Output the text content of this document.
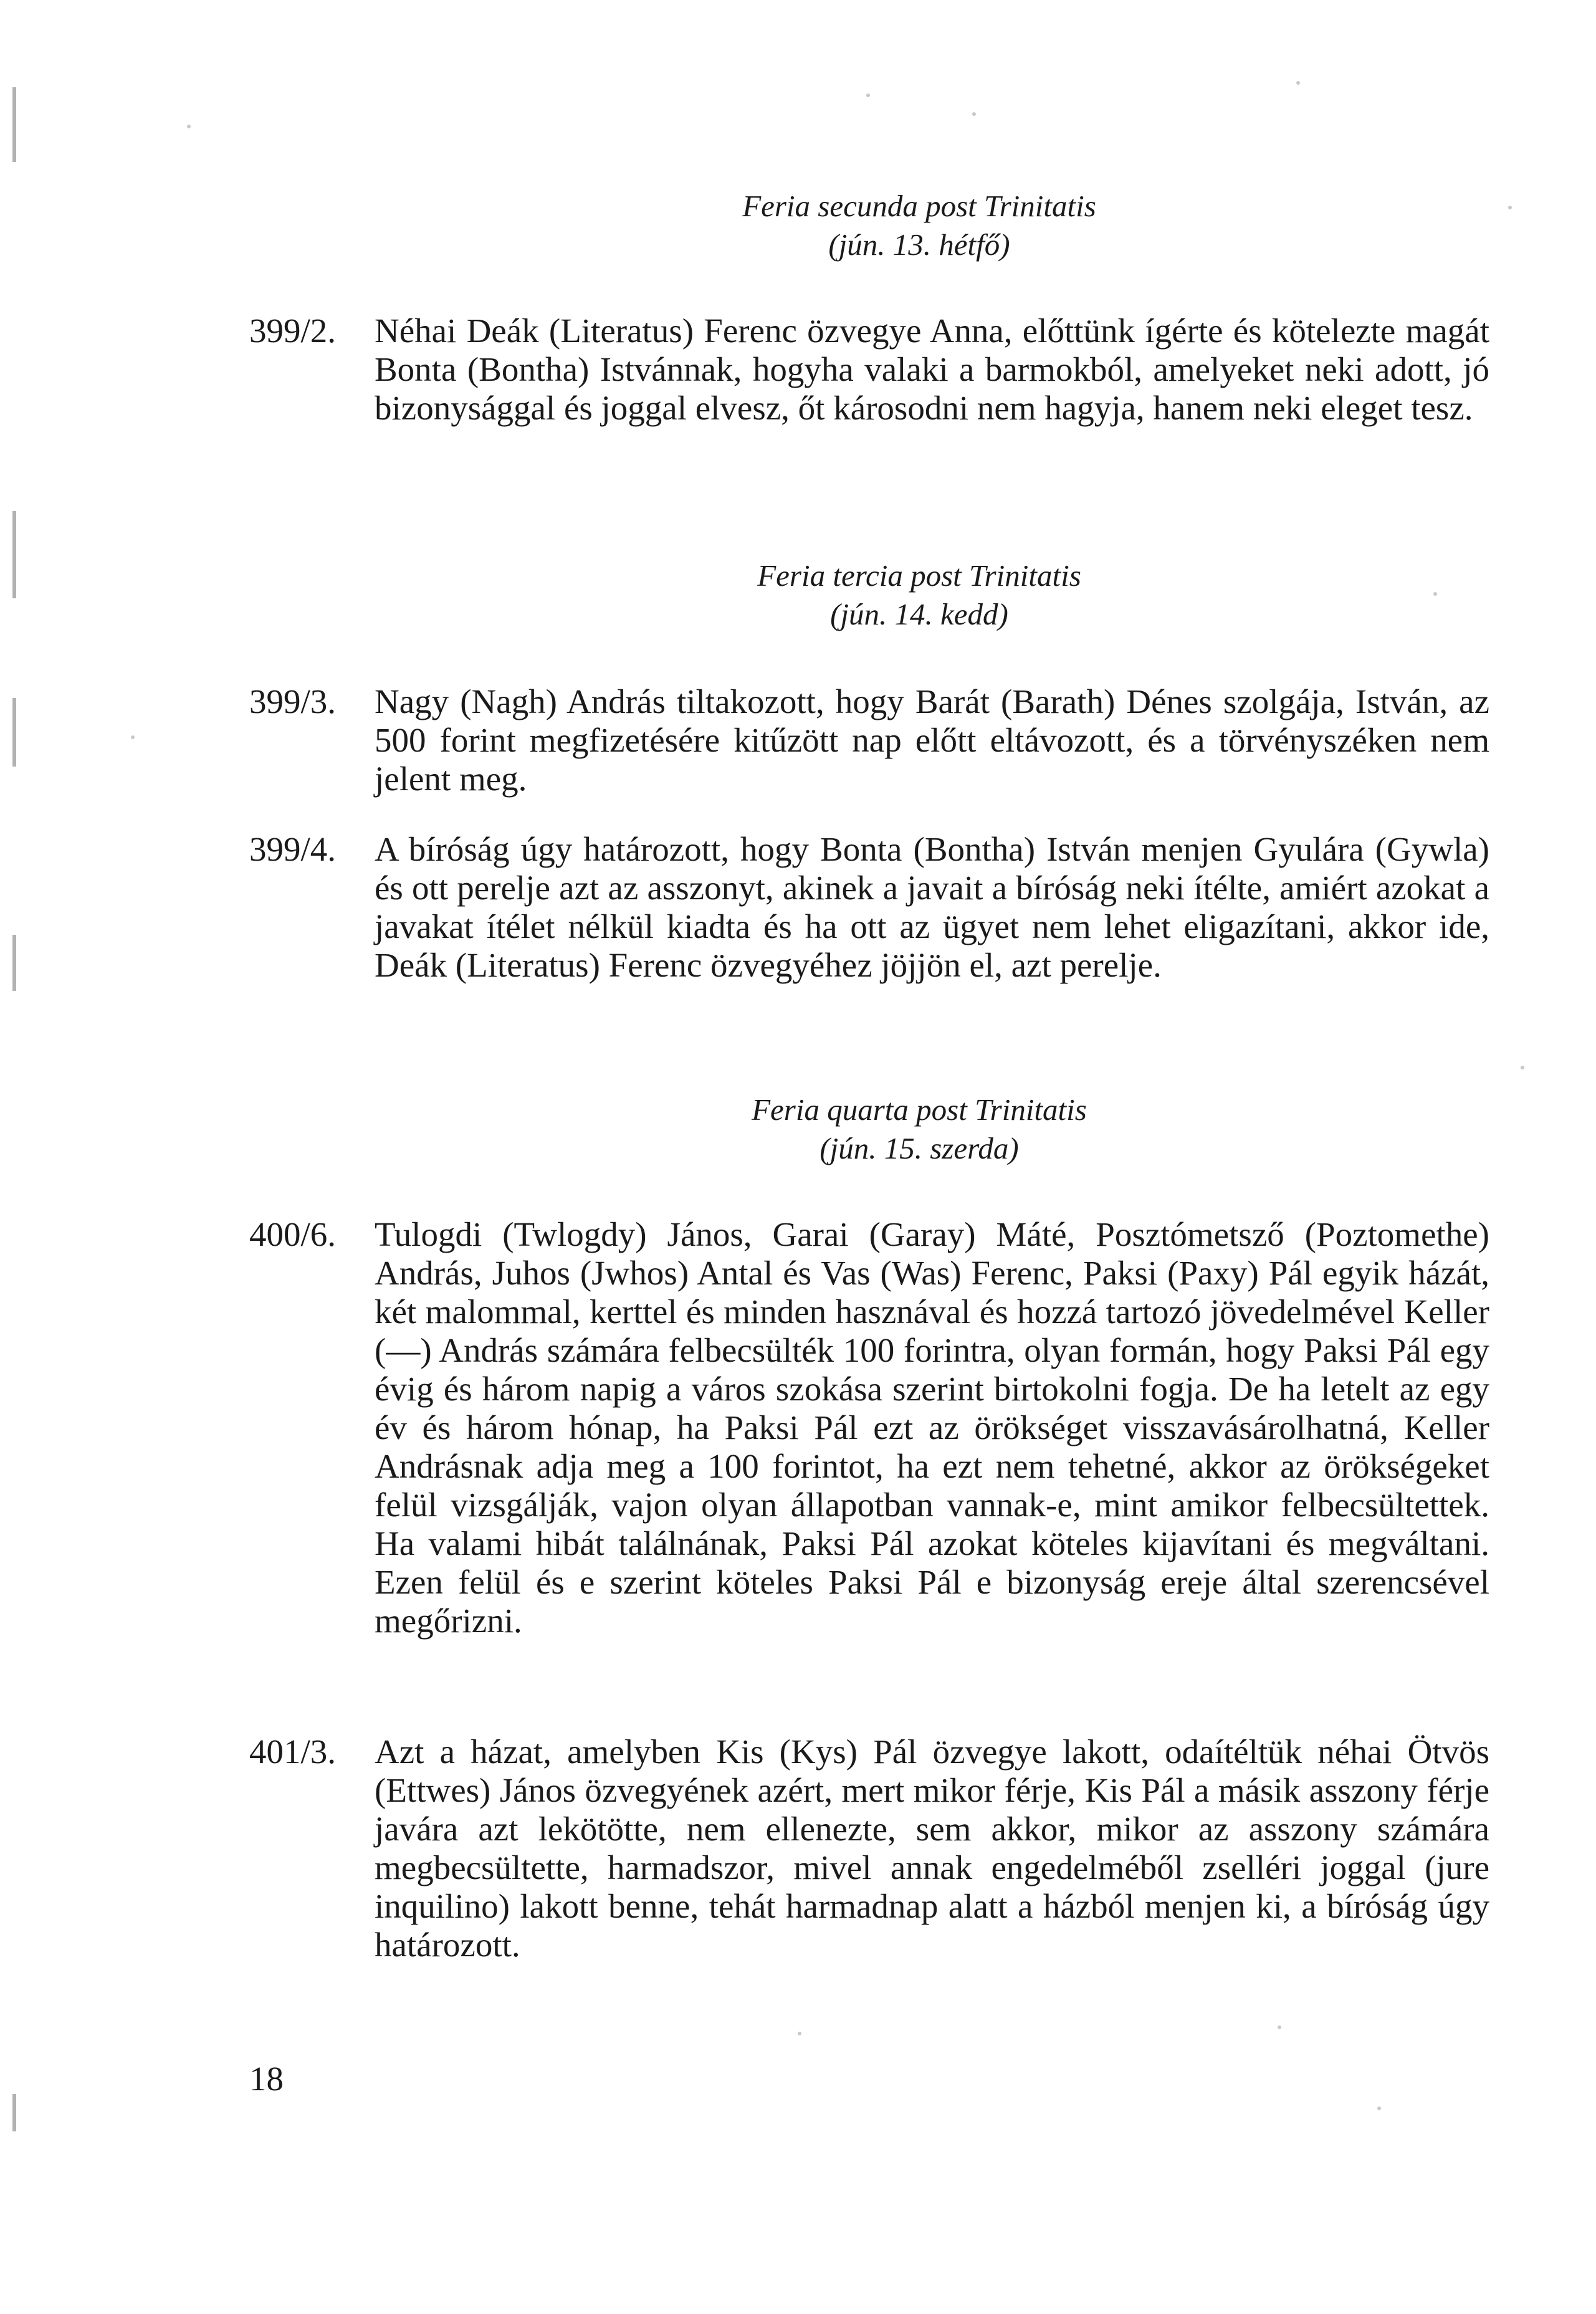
Feria secunda post Trinitatis
(jún. 13. hétfő)
399/2.	Néhai Deák (Literatus) Ferenc özvegye Anna, előttünk ígérte és kötelezte magát Bonta (Bontha) Istvánnak, hogyha valaki a barmokból, amelyeket neki adott, jó bizonysággal és joggal elvesz, őt károsodni nem hagyja, hanem neki eleget tesz.
Feria tercia post Trinitatis
(jún. 14. kedd)
399/3.	Nagy (Nagh) András tiltakozott, hogy Barát (Barath) Dénes szolgája, István, az 500 forint megfizetésére kitűzött nap előtt eltávozott, és a törvényszéken nem jelent meg.
399/4.	A bíróság úgy határozott, hogy Bonta (Bontha) István menjen Gyulára (Gywla) és ott perelje azt az asszonyt, akinek a javait a bíróság neki ítélte, amiért azokat a javakat ítélet nélkül kiadta és ha ott az ügyet nem lehet eligazítani, akkor ide, Deák (Literatus) Ferenc özvegyéhez jöjjön el, azt perelje.
Feria quarta post Trinitatis
(jún. 15. szerda)
400/6.	Tulogdi (Twlogdy) János, Garai (Garay) Máté, Posztómetsző (Poztomethe) András, Juhos (Jwhos) Antal és Vas (Was) Ferenc, Paksi (Paxy) Pál egyik házát, két malommal, kerttel és minden hasznával és hozzá tartozó jövedelmével Keller (—) András számára felbecsülték 100 forintra, olyan formán, hogy Paksi Pál egy évig és három napig a város szokása szerint birtokolni fogja. De ha letelt az egy év és három hónap, ha Paksi Pál ezt az örökséget visszavásárolhatná, Keller Andrásnak adja meg a 100 forintot, ha ezt nem tehetné, akkor az örökségeket felül vizsgálják, vajon olyan állapotban vannak-e, mint amikor felbecsültettek. Ha valami hibát találnának, Paksi Pál azokat köteles kijavítani és megváltani. Ezen felül és e szerint köteles Paksi Pál e bizonyság ereje által szerencsével megőrizni.
401/3.	Azt a házat, amelyben Kis (Kys) Pál özvegye lakott, odaítéltük néhai Ötvös (Ettwes) János özvegyének azért, mert mikor férje, Kis Pál a másik asszony férje javára azt lekötötte, nem ellenezte, sem akkor, mikor az asszony számára megbecsültette, harmadszor, mivel annak engedelméből zselléri joggal (jure inquilino) lakott benne, tehát harmadnap alatt a házból menjen ki, a bíróság úgy határozott.
18
